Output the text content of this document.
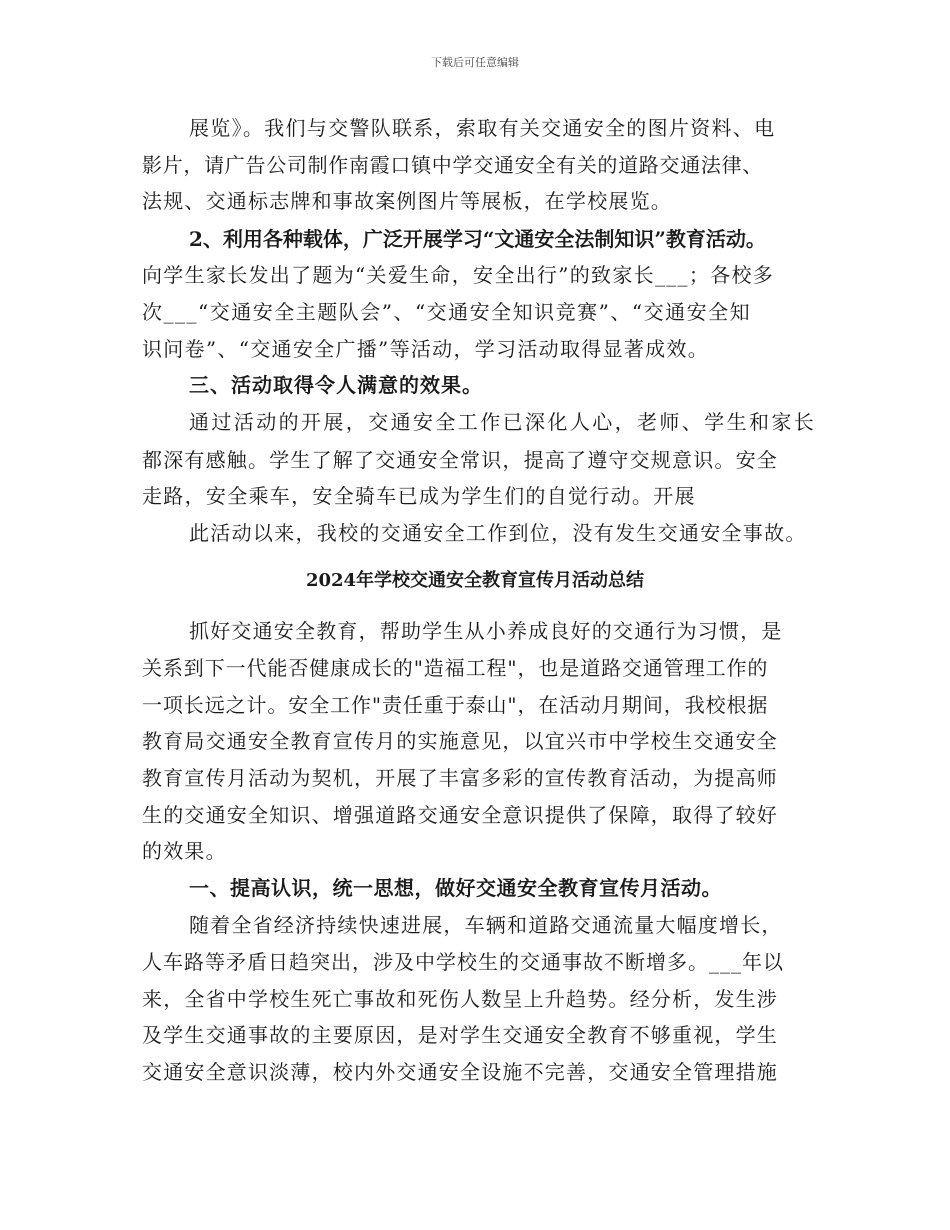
下载后可任意编辑
展览》。我们与交警队联系，索取有关交通安全的图片资料、电
影片，请广告公司制作南霞口镇中学交通安全有关的道路交通法律、
法规、交通标志牌和事故案例图片等展板，在学校展览。
2、利用各种载体，广泛开展学习“文通安全法制知识”教育活动。
向学生家长发出了题为“关爱生命，安全出行”的致家长___；各校多
次___“交通安全主题队会”、“交通安全知识竞赛”、“交通安全知
识问卷”、“交通安全广播”等活动，学习活动取得显著成效。
三、活动取得令人满意的效果。
通过活动的开展，交通安全工作已深化人心，老师、学生和家长
都深有感触。学生了解了交通安全常识，提高了遵守交规意识。安全
走路，安全乘车，安全骑车已成为学生们的自觉行动。开展
此活动以来，我校的交通安全工作到位，没有发生交通安全事故。
2024年学校交通安全教育宣传月活动总结
抓好交通安全教育，帮助学生从小养成良好的交通行为习惯，是
关系到下一代能否健康成长的"造福工程"，也是道路交通管理工作的
一项长远之计。安全工作"责任重于泰山"，在活动月期间，我校根据
教育局交通安全教育宣传月的实施意见，以宜兴市中学校生交通安全
教育宣传月活动为契机，开展了丰富多彩的宣传教育活动，为提高师
生的交通安全知识、增强道路交通安全意识提供了保障，取得了较好
的效果。
一、提高认识，统一思想，做好交通安全教育宣传月活动。
随着全省经济持续快速进展，车辆和道路交通流量大幅度增长，
人车路等矛盾日趋突出，涉及中学校生的交通事故不断增多。___年以
来，全省中学校生死亡事故和死伤人数呈上升趋势。经分析，发生涉
及学生交通事故的主要原因，是对学生交通安全教育不够重视，学生
交通安全意识淡薄，校内外交通安全设施不完善，交通安全管理措施
